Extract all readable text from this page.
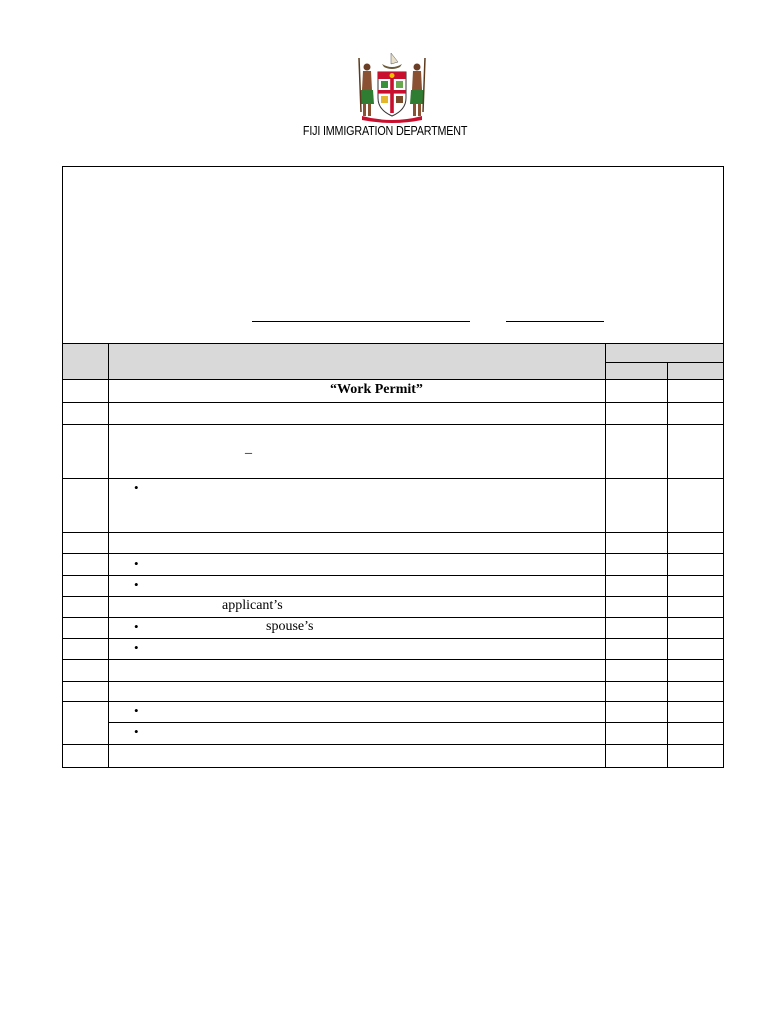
FIJI IMMIGRATION DEPARTMENT
“Work Permit”
_
•
•
•
•
•
•
•
applicant’s
spouse’s
